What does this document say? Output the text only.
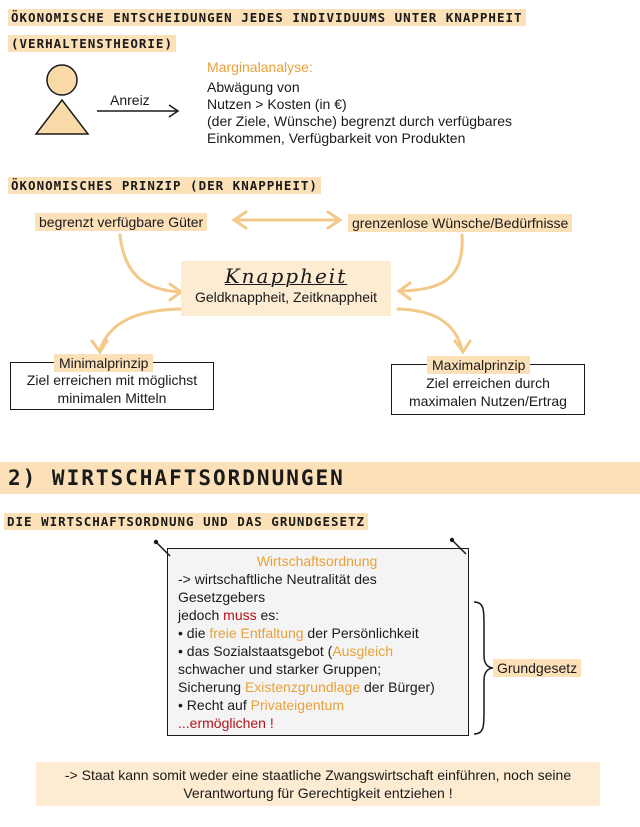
ÖKONOMISCHE ENTSCHEIDUNGEN JEDES INDIVIDUUMS UNTER KNAPPHEIT
(VERHALTENSTHEORIE)
Anreiz
Marginalanalyse:
Abwägung von
Nutzen > Kosten (in €)
(der Ziele, Wünsche) begrenzt durch verfügbares
Einkommen, Verfügbarkeit von Produkten
ÖKONOMISCHES PRINZIP (DER KNAPPHEIT)
begrenzt verfügbare Güter	grenzenlose Wünsche/Bedürfnisse
Knappheit
Geldknappheit, Zeitknappheit
Ziel erreichen mit möglichst
minimalen Mitteln
Minimalprinzip
Ziel erreichen durch
maximalen Nutzen/Ertrag
Maximalprinzip
2) WIRTSCHAFTSORDNUNGEN
DIE WIRTSCHAFTSORDNUNG UND DAS GRUNDGESETZ
Wirtschaftsordnung
-> wirtschaftliche Neutralität des
Gesetzgebers
jedoch muss es:
• die freie Entfaltung der Persönlichkeit
• das Sozialstaatsgebot (Ausgleich
schwacher und starker Gruppen;
Sicherung Existenzgrundlage der Bürger)
• Recht auf Privateigentum
...ermöglichen !
Grundgesetz
-> Staat kann somit weder eine staatliche Zwangswirtschaft einführen, noch seine
Verantwortung für Gerechtigkeit entziehen !
